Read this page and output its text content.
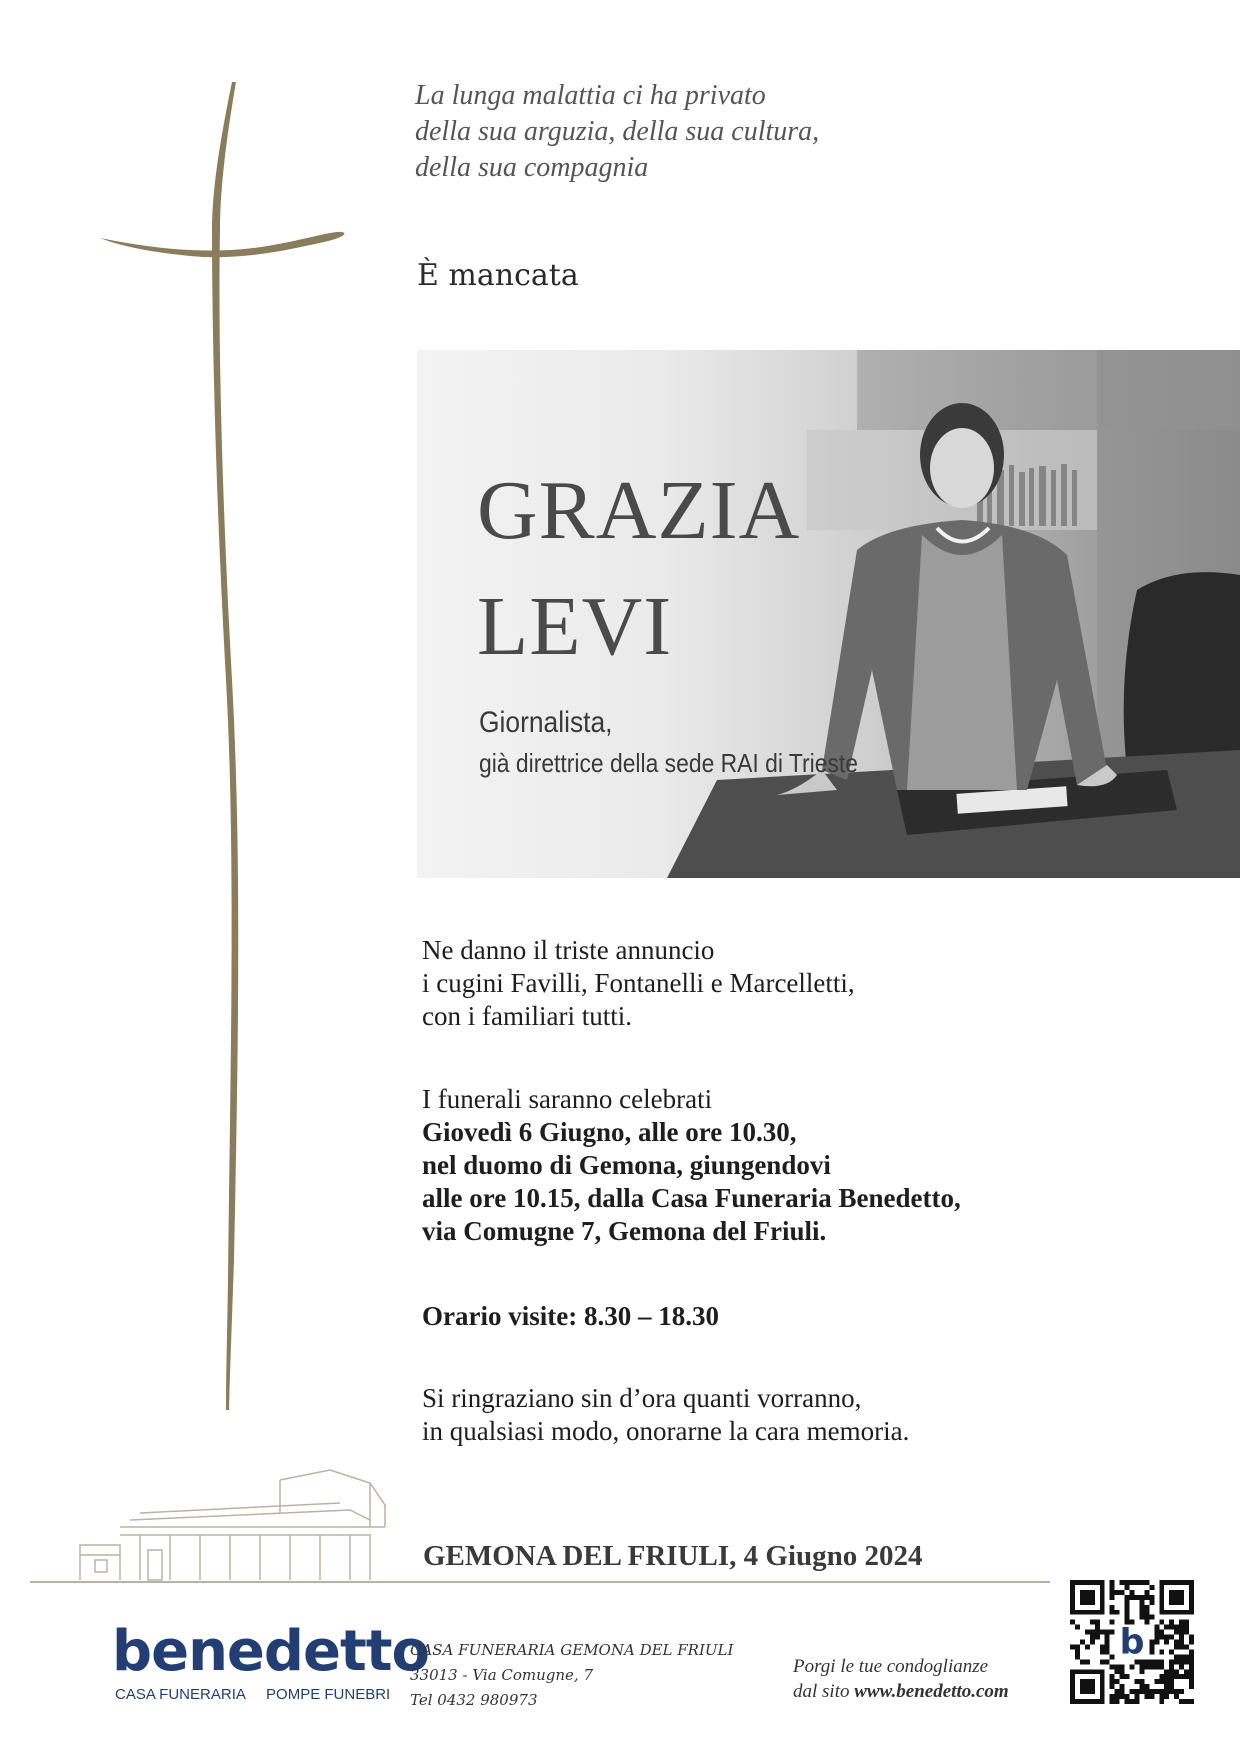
La lunga malattia ci ha privato
della sua arguzia, della sua cultura,
della sua compagnia
È mancata
GRAZIA
LEVI
Giornalista,
già direttrice della sede RAI di Trieste
Ne danno il triste annuncio
i cugini Favilli, Fontanelli e Marcelletti,
con i familiari tutti.
I funerali saranno celebrati
Giovedì 6 Giugno, alle ore 10.30,
nel duomo di Gemona, giungendovi
alle ore 10.15, dalla Casa Funeraria Benedetto,
via Comugne 7, Gemona del Friuli.
Orario visite: 8.30 – 18.30
Si ringraziano sin d’ora quanti vorranno,
in qualsiasi modo, onorarne la cara memoria.
GEMONA DEL FRIULI, 4 Giugno 2024
benedetto
CASA FUNERARIA POMPE FUNEBRI
CASA FUNERARIA GEMONA DEL FRIULI
33013 - Via Comugne, 7
Tel 0432 980973
Porgi le tue condoglianze
dal sito www.benedetto.com
b
